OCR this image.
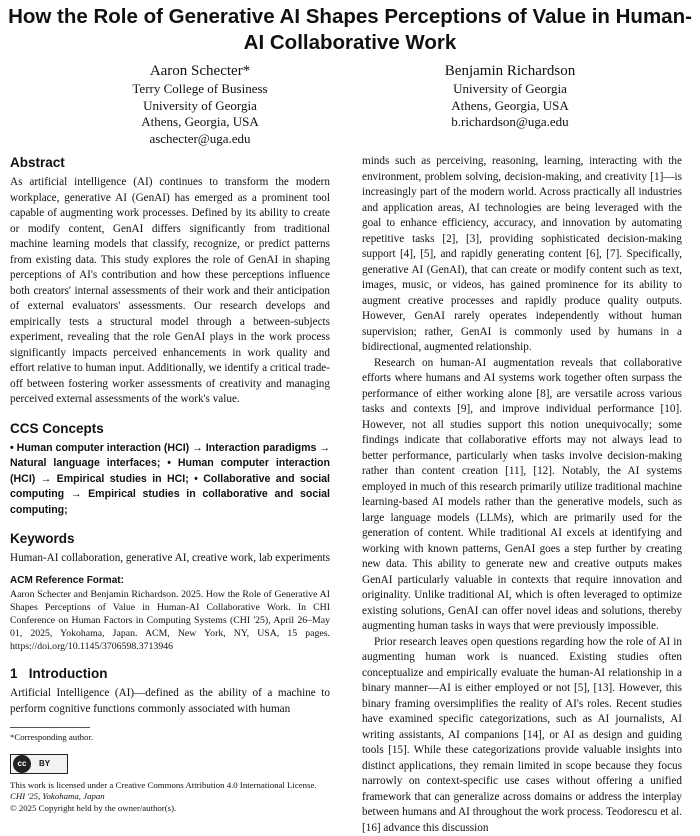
How the Role of Generative AI Shapes Perceptions of Value in Human-AI Collaborative Work
Aaron Schecter*
Terry College of Business
University of Georgia
Athens, Georgia, USA
aschecter@uga.edu
Benjamin Richardson
University of Georgia
Athens, Georgia, USA
b.richardson@uga.edu
Abstract

As artificial intelligence (AI) continues to transform the modern workplace, generative AI (GenAI) has emerged as a prominent tool capable of augmenting work processes. Defined by its ability to create or modify content, GenAI differs significantly from traditional machine learning models that classify, recognize, or predict patterns from existing data. This study explores the role of GenAI in shaping perceptions of AI's contribution and how these perceptions influence both creators' internal assessments of their work and their anticipation of external evaluators' assessments. Our research develops and empirically tests a structural model through a between-subjects experiment, revealing that the role GenAI plays in the work process significantly impacts perceived enhancements in work quality and effort relative to human input. Additionally, we identify a critical trade-off between fostering worker assessments of creativity and managing perceived external assessments of the work's value.

CCS Concepts

• Human computer interaction (HCI) → Interaction paradigms → Natural language interfaces; • Human computer interaction (HCI) → Empirical studies in HCI; • Collaborative and social computing → Empirical studies in collaborative and social computing;

Keywords

Human-AI collaboration, generative AI, creative work, lab experiments

ACM Reference Format:

Aaron Schecter and Benjamin Richardson. 2025. How the Role of Generative AI Shapes Perceptions of Value in Human-AI Collaborative Work. In CHI Conference on Human Factors in Computing Systems (CHI '25), April 26–May 01, 2025, Yokohama, Japan. ACM, New York, NY, USA, 15 pages. https://doi.org/10.1145/3706598.3713946

1   Introduction

Artificial Intelligence (AI)—defined as the ability of a machine to perform cognitive functions commonly associated with human

*Corresponding author.
cc	BY
This work is licensed under a Creative Commons Attribution 4.0 International License.
CHI '25, Yokohama, Japan
© 2025 Copyright held by the owner/author(s).

minds such as perceiving, reasoning, learning, interacting with the environment, problem solving, decision-making, and creativity [1]—is increasingly part of the modern world. Across practically all industries and application areas, AI technologies are being leveraged with the goal to enhance efficiency, accuracy, and innovation by automating repetitive tasks [2], [3], providing sophisticated decision-making support [4], [5], and rapidly generating content [6], [7]. Specifically, generative AI (GenAI), that can create or modify content such as text, images, music, or videos, has gained prominence for its ability to augment creative processes and rapidly produce quality outputs. However, GenAI rarely operates independently without human supervision; rather, GenAI is commonly used by humans in a bidirectional, augmented relationship.

Research on human-AI augmentation reveals that collaborative efforts where humans and AI systems work together often surpass the performance of either working alone [8], are versatile across various tasks and contexts [9], and improve individual performance [10]. However, not all studies support this notion unequivocally; some findings indicate that collaborative efforts may not always lead to better performance, particularly when tasks involve decision-making rather than content creation [11], [12]. Notably, the AI systems employed in much of this research primarily utilize traditional machine learning-based AI models rather than the generative models, such as large language models (LLMs), which are primarily used for the generation of content. While traditional AI excels at identifying and working with known patterns, GenAI goes a step further by creating new data. This ability to generate new and creative outputs makes GenAI particularly valuable in contexts that require innovation and originality. Unlike traditional AI, which is often leveraged to optimize existing solutions, GenAI can offer novel ideas and solutions, thereby augmenting human tasks in ways that were previously impossible.

Prior research leaves open questions regarding how the role of AI in augmenting human work is nuanced. Existing studies often conceptualize and empirically evaluate the human-AI relationship in a binary manner—AI is either employed or not [5], [13]. However, this binary framing oversimplifies the reality of AI's roles. Recent studies have examined specific categorizations, such as AI journalists, AI writing assistants, AI companions [14], or AI as design and guiding tools [15]. While these categorizations provide valuable insights into distinct applications, they remain limited in scope because they focus narrowly on context-specific use cases without offering a unified framework that can generalize across domains or address the interplay between humans and AI throughout the work process. Teodorescu et al. [16] advance this discussion
